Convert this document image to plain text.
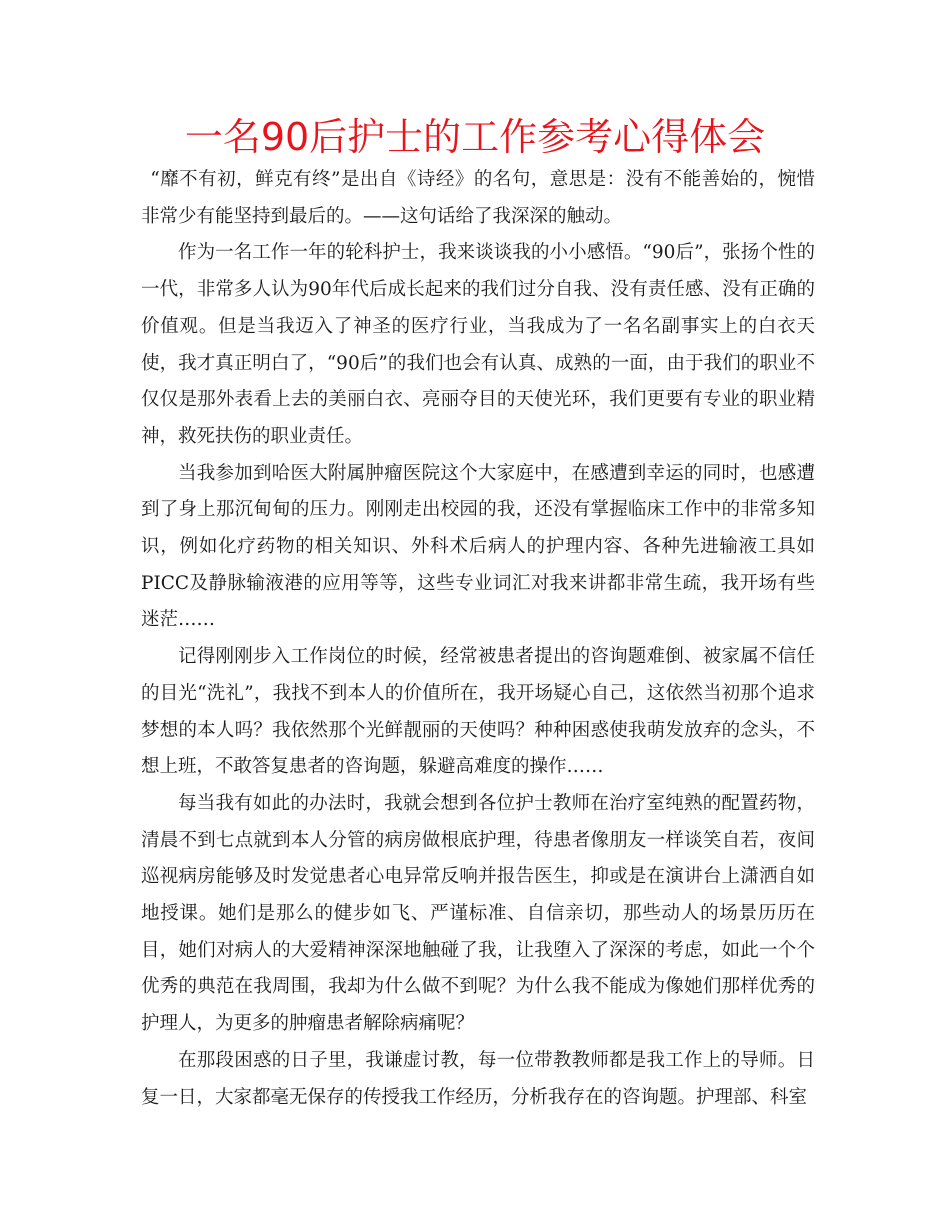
一名90后护士的工作参考心得体会

“靡不有初，鲜克有终”是出自《诗经》的名句，意思是：没有不能善始的，惋惜非常少有能坚持到最后的。——这句话给了我深深的触动。

作为一名工作一年的轮科护士，我来谈谈我的小小感悟。“90后”，张扬个性的一代，非常多人认为90年代后成长起来的我们过分自我、没有责任感、没有正确的价值观。但是当我迈入了神圣的医疗行业，当我成为了一名名副事实上的白衣天使，我才真正明白了，“90后”的我们也会有认真、成熟的一面，由于我们的职业不仅仅是那外表看上去的美丽白衣、亮丽夺目的天使光环，我们更要有专业的职业精神，救死扶伤的职业责任。

当我参加到哈医大附属肿瘤医院这个大家庭中，在感遭到幸运的同时，也感遭到了身上那沉甸甸的压力。刚刚走出校园的我，还没有掌握临床工作中的非常多知识，例如化疗药物的相关知识、外科术后病人的护理内容、各种先进输液工具如PICC及静脉输液港的应用等等，这些专业词汇对我来讲都非常生疏，我开场有些迷茫……

记得刚刚步入工作岗位的时候，经常被患者提出的咨询题难倒、被家属不信任的目光“洗礼”，我找不到本人的价值所在，我开场疑心自己，这依然当初那个追求梦想的本人吗？我依然那个光鲜靓丽的天使吗？种种困惑使我萌发放弃的念头，不想上班，不敢答复患者的咨询题，躲避高难度的操作……

每当我有如此的办法时，我就会想到各位护士教师在治疗室纯熟的配置药物，清晨不到七点就到本人分管的病房做根底护理，待患者像朋友一样谈笑自若，夜间巡视病房能够及时发觉患者心电异常反响并报告医生，抑或是在演讲台上潇洒自如地授课。她们是那么的健步如飞、严谨标准、自信亲切，那些动人的场景历历在目，她们对病人的大爱精神深深地触碰了我，让我堕入了深深的考虑，如此一个个优秀的典范在我周围，我却为什么做不到呢？为什么我不能成为像她们那样优秀的护理人，为更多的肿瘤患者解除病痛呢？

在那段困惑的日子里，我谦虚讨教，每一位带教教师都是我工作上的导师。日复一日，大家都毫无保存的传授我工作经历，分析我存在的咨询题。护理部、科室
